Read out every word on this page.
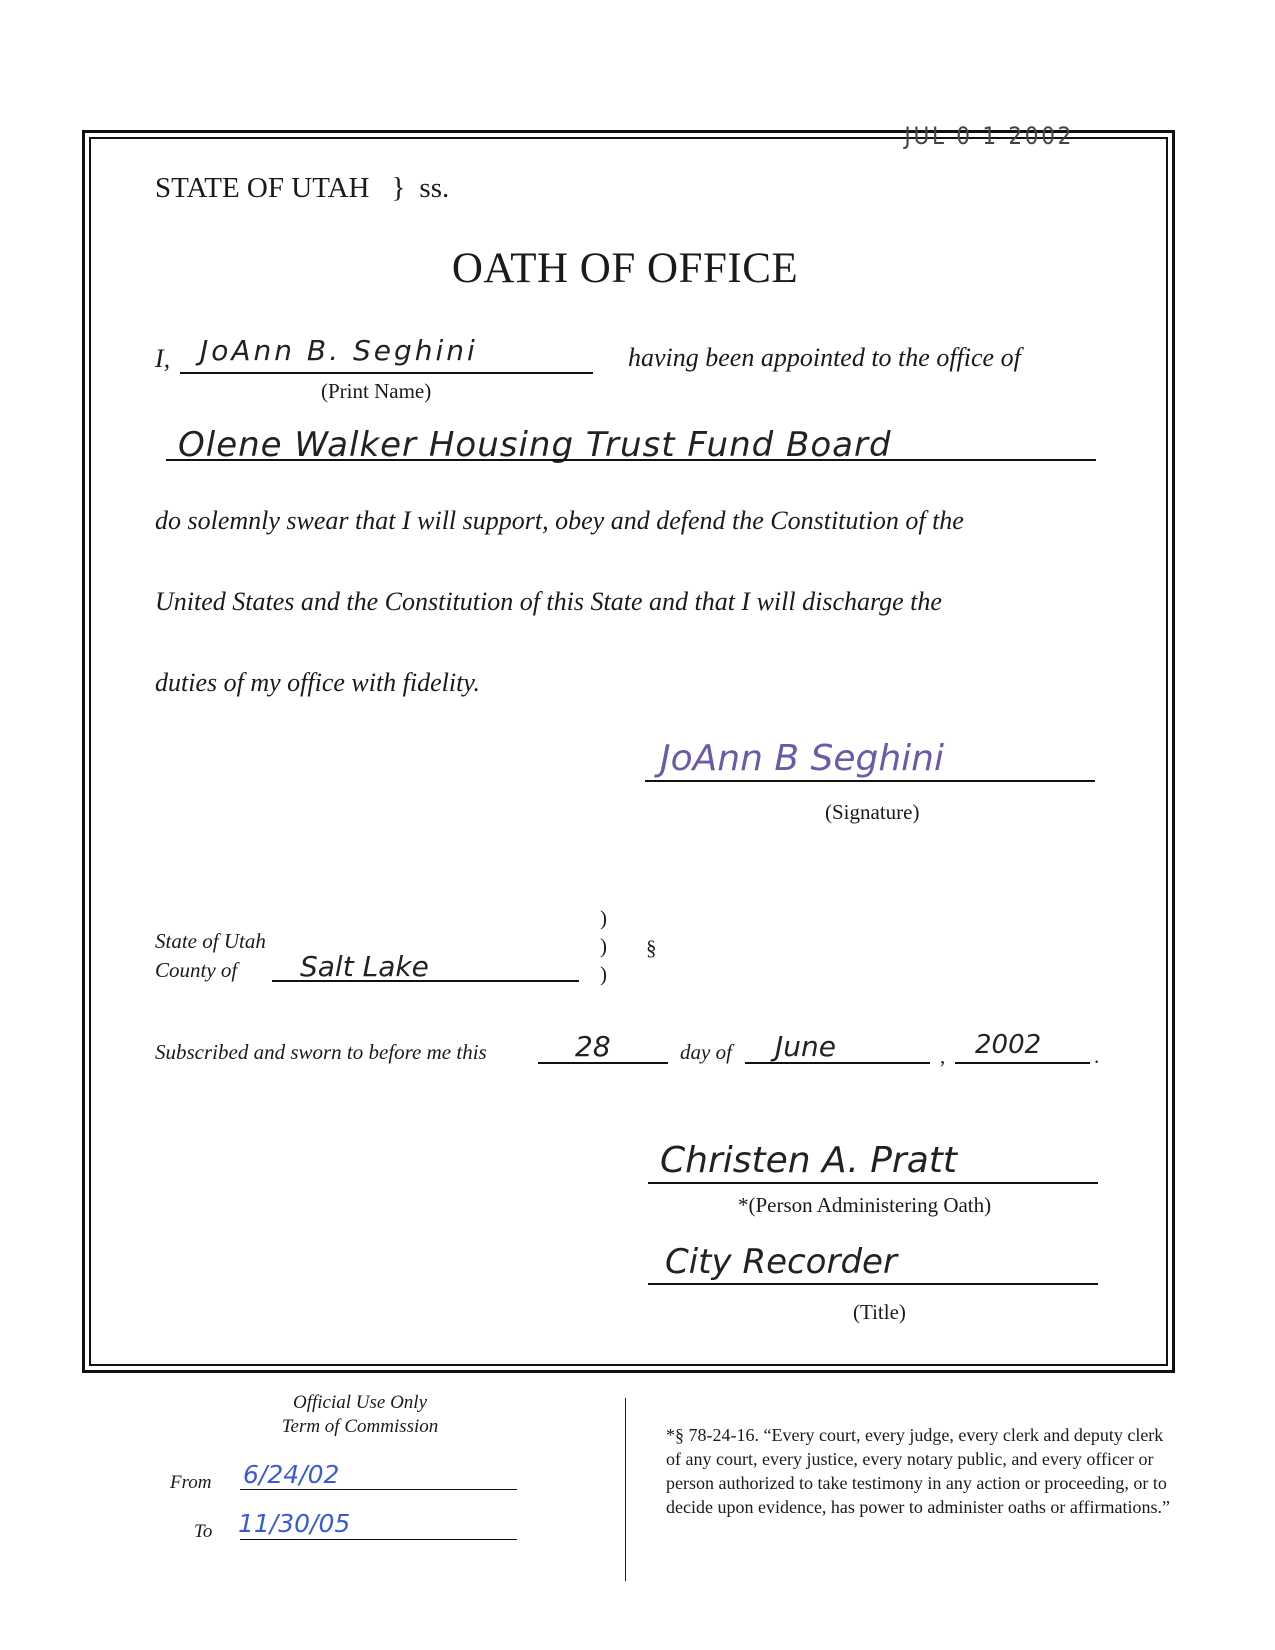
JUL 0 1 2002
STATE OF UTAH } ss.
OATH OF OFFICE
I, JoAnn B. Seghini
(Print Name)
having been appointed to the office of
Olene Walker Housing Trust Fund Board
do solemnly swear that I will support, obey and defend the Constitution of the
United States and the Constitution of this State and that I will discharge the
duties of my office with fidelity.
JoAnn B Seghini
(Signature)
State of Utah
County of Salt Lake
)
)
)
§
Subscribed and sworn to before me this	28	day of June	, 2002	.
Christen A. Pratt
*(Person Administering Oath)
City Recorder
(Title)
Official Use Only
Term of Commission
From 6/24/02
To 11/30/05
*§ 78-24-16. “Every court, every judge, every clerk and deputy clerk of any court, every justice, every notary public, and every officer or person authorized to take testimony in any action or proceeding, or to decide upon evidence, has power to administer oaths or affirmations.”
